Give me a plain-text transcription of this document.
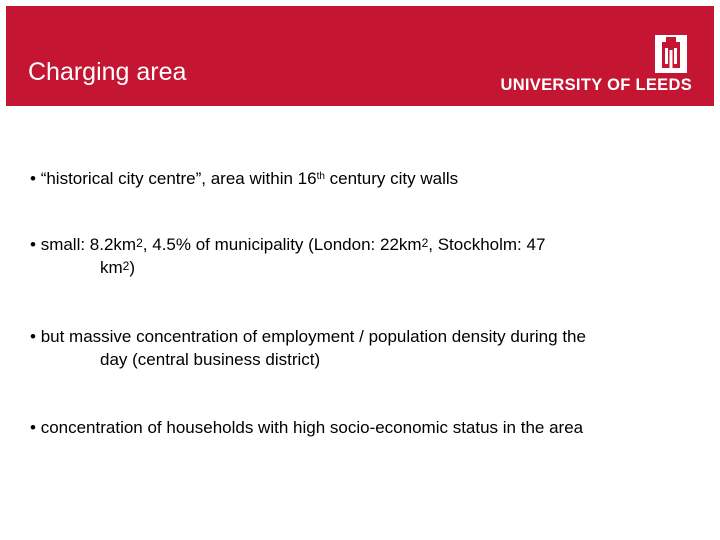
Charging area	UNIVERSITY OF LEEDS
• “historical city centre”, area within 16th century city walls
• small: $8.2km^2$, 4.5% of municipality (London: $22km^2$, Stockholm: 47
$km^2$)
• but massive concentration of employment / population density during the
day (central business district)
• concentration of households with high socio-economic status in the area
